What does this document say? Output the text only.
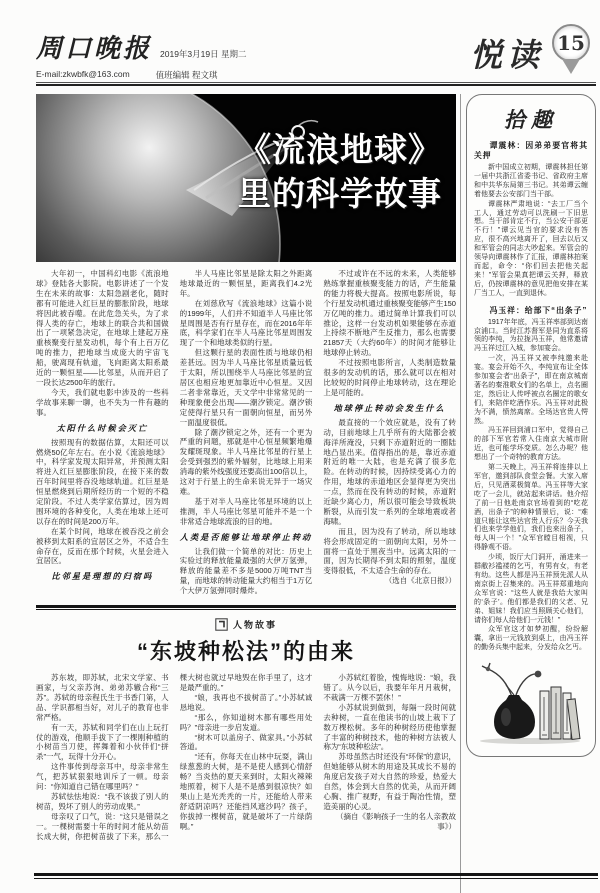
周口晚报 2019年3月19日 星期二
E-mail:zkwbfk@163.com	值班编辑 程文琪
悦读 15
《流浪地球》
里的科学故事

大年初一，中国科幻电影《流浪地球》登陆各大影院。电影讲述了一个发生在未来的故事：太阳急剧老化，随时都有可能进入红巨星的膨胀阶段，地球将因此被吞噬。在此危急关头，为了求得人类的存亡，地球上的联合共和国做出了一项紧急决定，在地球上建起万座重核聚变行星发动机，每个有上百万亿吨的推力，把地球当成庞大的宇宙飞船，驶离现有轨道，飞向距离太阳系最近的一颗恒星——比邻星，从而开启了一段长达2500年的旅行。

今天，我们就电影中涉及的一些科学故事来聊一聊，也不失为一件有趣的事。

太阳什么时候会灭亡

按照现有的数据估算，太阳还可以燃烧50亿年左右。在小说《流浪地球》中，科学家发现太阳异常，并预测太阳将进入红巨星膨胀阶段，在接下来的数百年时间里将吞没地球轨道。红巨星是恒星燃烧到后期所经历的一个短的不稳定阶段。不过人类学家估算过，因为周围环境的各种变化，人类在地球上还可以存在的时间是200万年。

在某个时间，地球在被吞没之前会被移到太阳系的宜居区之外，不适合生命存在，反而在那个时候，火星会进入宜居区。

比邻星是理想的归宿吗

半人马座比邻星是除太阳之外距离地球最近的一颗恒星，距离我们4.2光年。

在刘慈欣写《流浪地球》这篇小说的1999年，人们并不知道半人马座比邻星周围是否有行星存在，而在2016年年底，科学家们在半人马座比邻星周围发现了一个和地球类似的行星。

但这颗行星的表面性质与地球仍相差甚远。因为半人马座比邻星质量远低于太阳，所以围绕半人马座比邻星的宜居区也相应地更加靠近中心恒星。又因二者非常靠近，天文学中非常常见的一种现象便会出现——潮汐锁定。潮汐锁定使得行星只有一面朝向恒星，而另外一面温度很低。

除了潮汐锁定之外，还有一个更为严重的问题，那就是中心恒星频繁地爆发耀斑现象。半人马座比邻星的行星上会受到强烈的紫外辐射，比地球上用来消毒的紫外线强度还要高出100倍以上，这对于行星上的生命来说无异于一场灾难。

基于对半人马座比邻星环境的以上推测，半人马座比邻星可能并不是一个非常适合地球流浪的目的地。

人类是否能够让地球停止转动

让我们做一个简单的对比：历史上实验过的释放能量最强的大伊万氢弹，释放的能量差不多是5000万吨TNT当量，而地球的转动能量大约相当于1万亿个大伊万氢弹同时爆炸。

不过或许在不远的未来，人类能够熟练掌握重核聚变能力的话，产生能量的能力将极大提高。按照电影所说，每个行星发动机通过重核聚变能够产生150万亿吨的推力。通过简单计算我们可以推论，这样一台发动机如果能够在赤道上持续不断地产生反推力，那么也需要21857天（大约60年）的时间才能够让地球停止转动。

不过按照电影所言，人类制造数量很多的发动机的话，那么就可以在相对比较短的时间停止地球转动，这在理论上是可能的。

地球停止转动会发生什么

最直接的一个效应就是，没有了转动，目前地球上几乎所有的大陆都会被海洋所淹没，只剩下赤道附近的一圈陆地凸显出来。值得指出的是，靠近赤道附近的唯一大陆，也是充满了很多危险。在转动的时候，因持续受离心力的作用，地球的赤道地区会显得更为突出一点，然而在没有转动的时候，赤道附近缺少离心力，所以很可能会导致板块断裂，从而引发一系列的全球地震或者海啸。

而且，因为没有了转动，所以地球将会形成固定的一面朝向太阳，另外一面将一直处于黑夜当中。远离太阳的一面，因为长期得不到太阳的照射，温度变得很低，不太适合生命的存在。

（选自《北京日报》）

人物故事
“东坡种松法”的由来

苏东坡，即苏轼，北宋文学家、书画家，与父亲苏洵、弟弟苏辙合称“三苏”。苏轼的母亲程氏生于书香门第，人品、学识都相当好，对儿子的教育也非常严格。

有一天，苏轼和同学们在山上玩打仗的游戏，他顺手拔下了一棵刚种植的小树苗当刀使，挥舞着和小伙伴们“拼杀”一气，玩得十分开心。

这件事传到母亲耳中，母亲非常生气，把苏轼狠狠地训斥了一顿。母亲问：“你知道自己错在哪里吗？”

苏轼怯怯地说：“我不该拔了别人的树苗，毁坏了别人的劳动成果。”

母亲叹了口气，说：“这只是错误之一。一棵树需要十年的时间才能从幼苗长成大树，你把树苗拔了下来，那么一棵大树也就过早地毁在你手里了，这才是最严重的。”

“娘，我再也不拔树苗了。”小苏轼诚恳地说。

“那么，你知道树木都有哪些用处吗？”母亲进一步启发道。

“树木可以盖房子、做家具。”小苏轼答道。

“还有，你每天在山林中玩耍，满山绿葱葱的大树，是不是使人感到心情舒畅？当炎热的夏天来到时，太阳火辣辣地照着，树下人是不是感到很凉快？如果山上是光秃秃的一片，还能给人带来舒适阴凉吗？还能挡风遮沙吗？孩子，你拔掉一棵树苗，就是破坏了一片绿荫啊。”

小苏轼红着脸，愧悔地说：“娘，我错了。从今以后，我要年年月月栽树，不栽满一万棵不罢休！”

小苏轼说到做到，每隔一段时间就去种树，一直在他读书的山坡上栽下了数万棵松树。多年的种树经历使他掌握了丰富的种树技术，他的种树方法被人称为“东坡种松法”。

苏母虽然古时还没有“环保”的意识，但她能够从树木的用途及其成长不易的角度启发孩子对大自然的珍爱，热爱大自然，体会到大自然的优美，从而开阔心胸、推广视野，有益于陶冶性情，塑造美丽的心灵。

（摘自《影响孩子一生的名人亲教故事》）

拾趣
谭震林：因弟弟要官将其关押

新中国成立初期，谭震林担任第一届中共浙江省委书记、省政府主席和中共华东局第三书记。其弟谭云缠着他要去公安部门当干部。

谭震林严肃地说：“去工厂当个工人，通过劳动可以洗刷一下旧思想。当干部肯定不行，当公安干部更不行！”谭云见当官的要求没有答应，很不高兴地离开了，回去以后又和军管会的同志大吵起来。军管会的领导向谭震林作了汇报，谭震林拍案而起，命令：“你们回去把他关起来！”军管会果真把谭云关押，释放后，仍按谭震林的意见把他安排在某厂当工人，一直到退休。

冯玉祥：给部下“出条子”

1917年年底，冯玉祥率部到达南京浦口。当时江苏督军是同为直系将领的李纯，为拉拢冯玉祥，他常邀请冯玉祥过江入城，参加宴会。

一次，冯玉祥又被李纯邀来赴宴。宴会开始不久，李纯宣布让全体参加宴会者“出条子”，即在南京城南著名的秦淮歌女们的名单上，点名圈定，然后让人传呼被点名圈定的歌女们，来陪伴吃酒作乐。冯玉祥对此极为不满，愤然离席。全场达官贵人愕然。

冯玉祥回到浦口军中，觉得自己的部下军官若常入住南京大城市附近，也可能学坏变质。怎么办呢？他想出了一个奇特的教育方法。

第二天晚上，冯玉祥将连排以上军官，邀到部队食堂会餐。大家入席后，只见酒菜极简单。冯玉祥等大家吃了一会儿，就站起来讲话。他介绍了前一日他赴南京官场看到的“吃花酒，出条子”的种种情景后，说：“难道只能让这些达官贵人行乐？今天我们也来学学他们，我们也来出条子，每人叫一个！”众军官瞠目相视，只得静观不语。

少顷，饭厅大门洞开，涌进来一群敝衫褴褛的乞丐，有男有女，有老有幼。这些人都是冯玉祥预先派人从南京街上召集来的。冯玉祥郑重地向众军官说：“这些人就是我给大家叫的‘条子’。他们都是我们的父老、兄弟、姐妹！我们应当照顾关心他们，请你们每人给他们一元钱！”

众军官这才如梦初醒，纷纷解囊，拿出一元钱放到桌上，由冯玉祥的勤务兵集中起来，分发给众乞丐。
